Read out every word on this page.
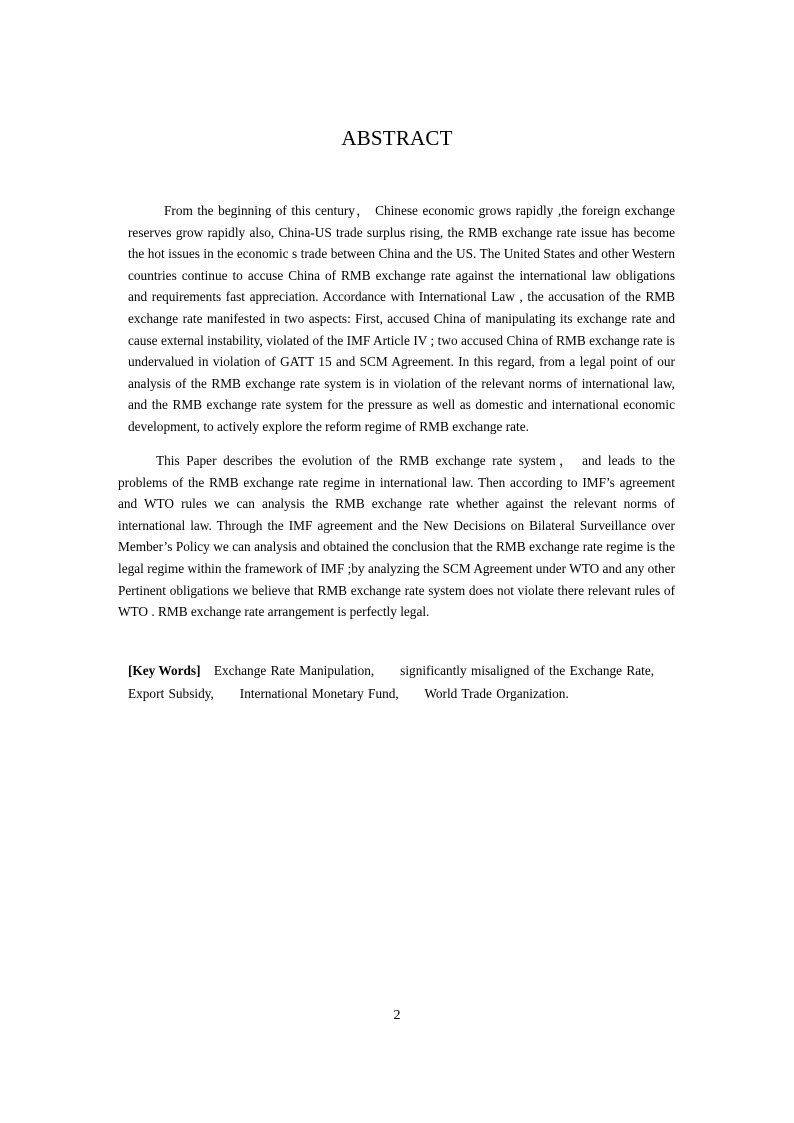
ABSTRACT

From the beginning of this century， Chinese economic grows rapidly ,the foreign exchange reserves grow rapidly also, China-US trade surplus rising, the RMB exchange rate issue has become the hot issues in the economic s trade between China and the US. The United States and other Western countries continue to accuse China of RMB exchange rate against the international law obligations and requirements fast appreciation. Accordance with International Law , the accusation of the RMB exchange rate manifested in two aspects: First, accused China of manipulating its exchange rate and cause external instability, violated of the IMF Article IV ; two accused China of RMB exchange rate is undervalued in violation of GATT 15 and SCM Agreement. In this regard, from a legal point of our analysis of the RMB exchange rate system is in violation of the relevant norms of international law, and the RMB exchange rate system for the pressure as well as domestic and international economic development, to actively explore the reform regime of RMB exchange rate.

This Paper describes the evolution of the RMB exchange rate system， and leads to the problems of the RMB exchange rate regime in international law. Then according to IMF’s agreement and WTO rules we can analysis the RMB exchange rate whether against the relevant norms of international law. Through the IMF agreement and the New Decisions on Bilateral Surveillance over Member’s Policy we can analysis and obtained the conclusion that the RMB exchange rate regime is the legal regime within the framework of IMF ;by analyzing the SCM Agreement under WTO and any other Pertinent obligations we believe that RMB exchange rate system does not violate there relevant rules of WTO . RMB exchange rate arrangement is perfectly legal.

[Key Words] Exchange Rate Manipulation,      significantly misaligned of the Exchange Rate, Export Subsidy,      International Monetary Fund,      World Trade Organization.

2
